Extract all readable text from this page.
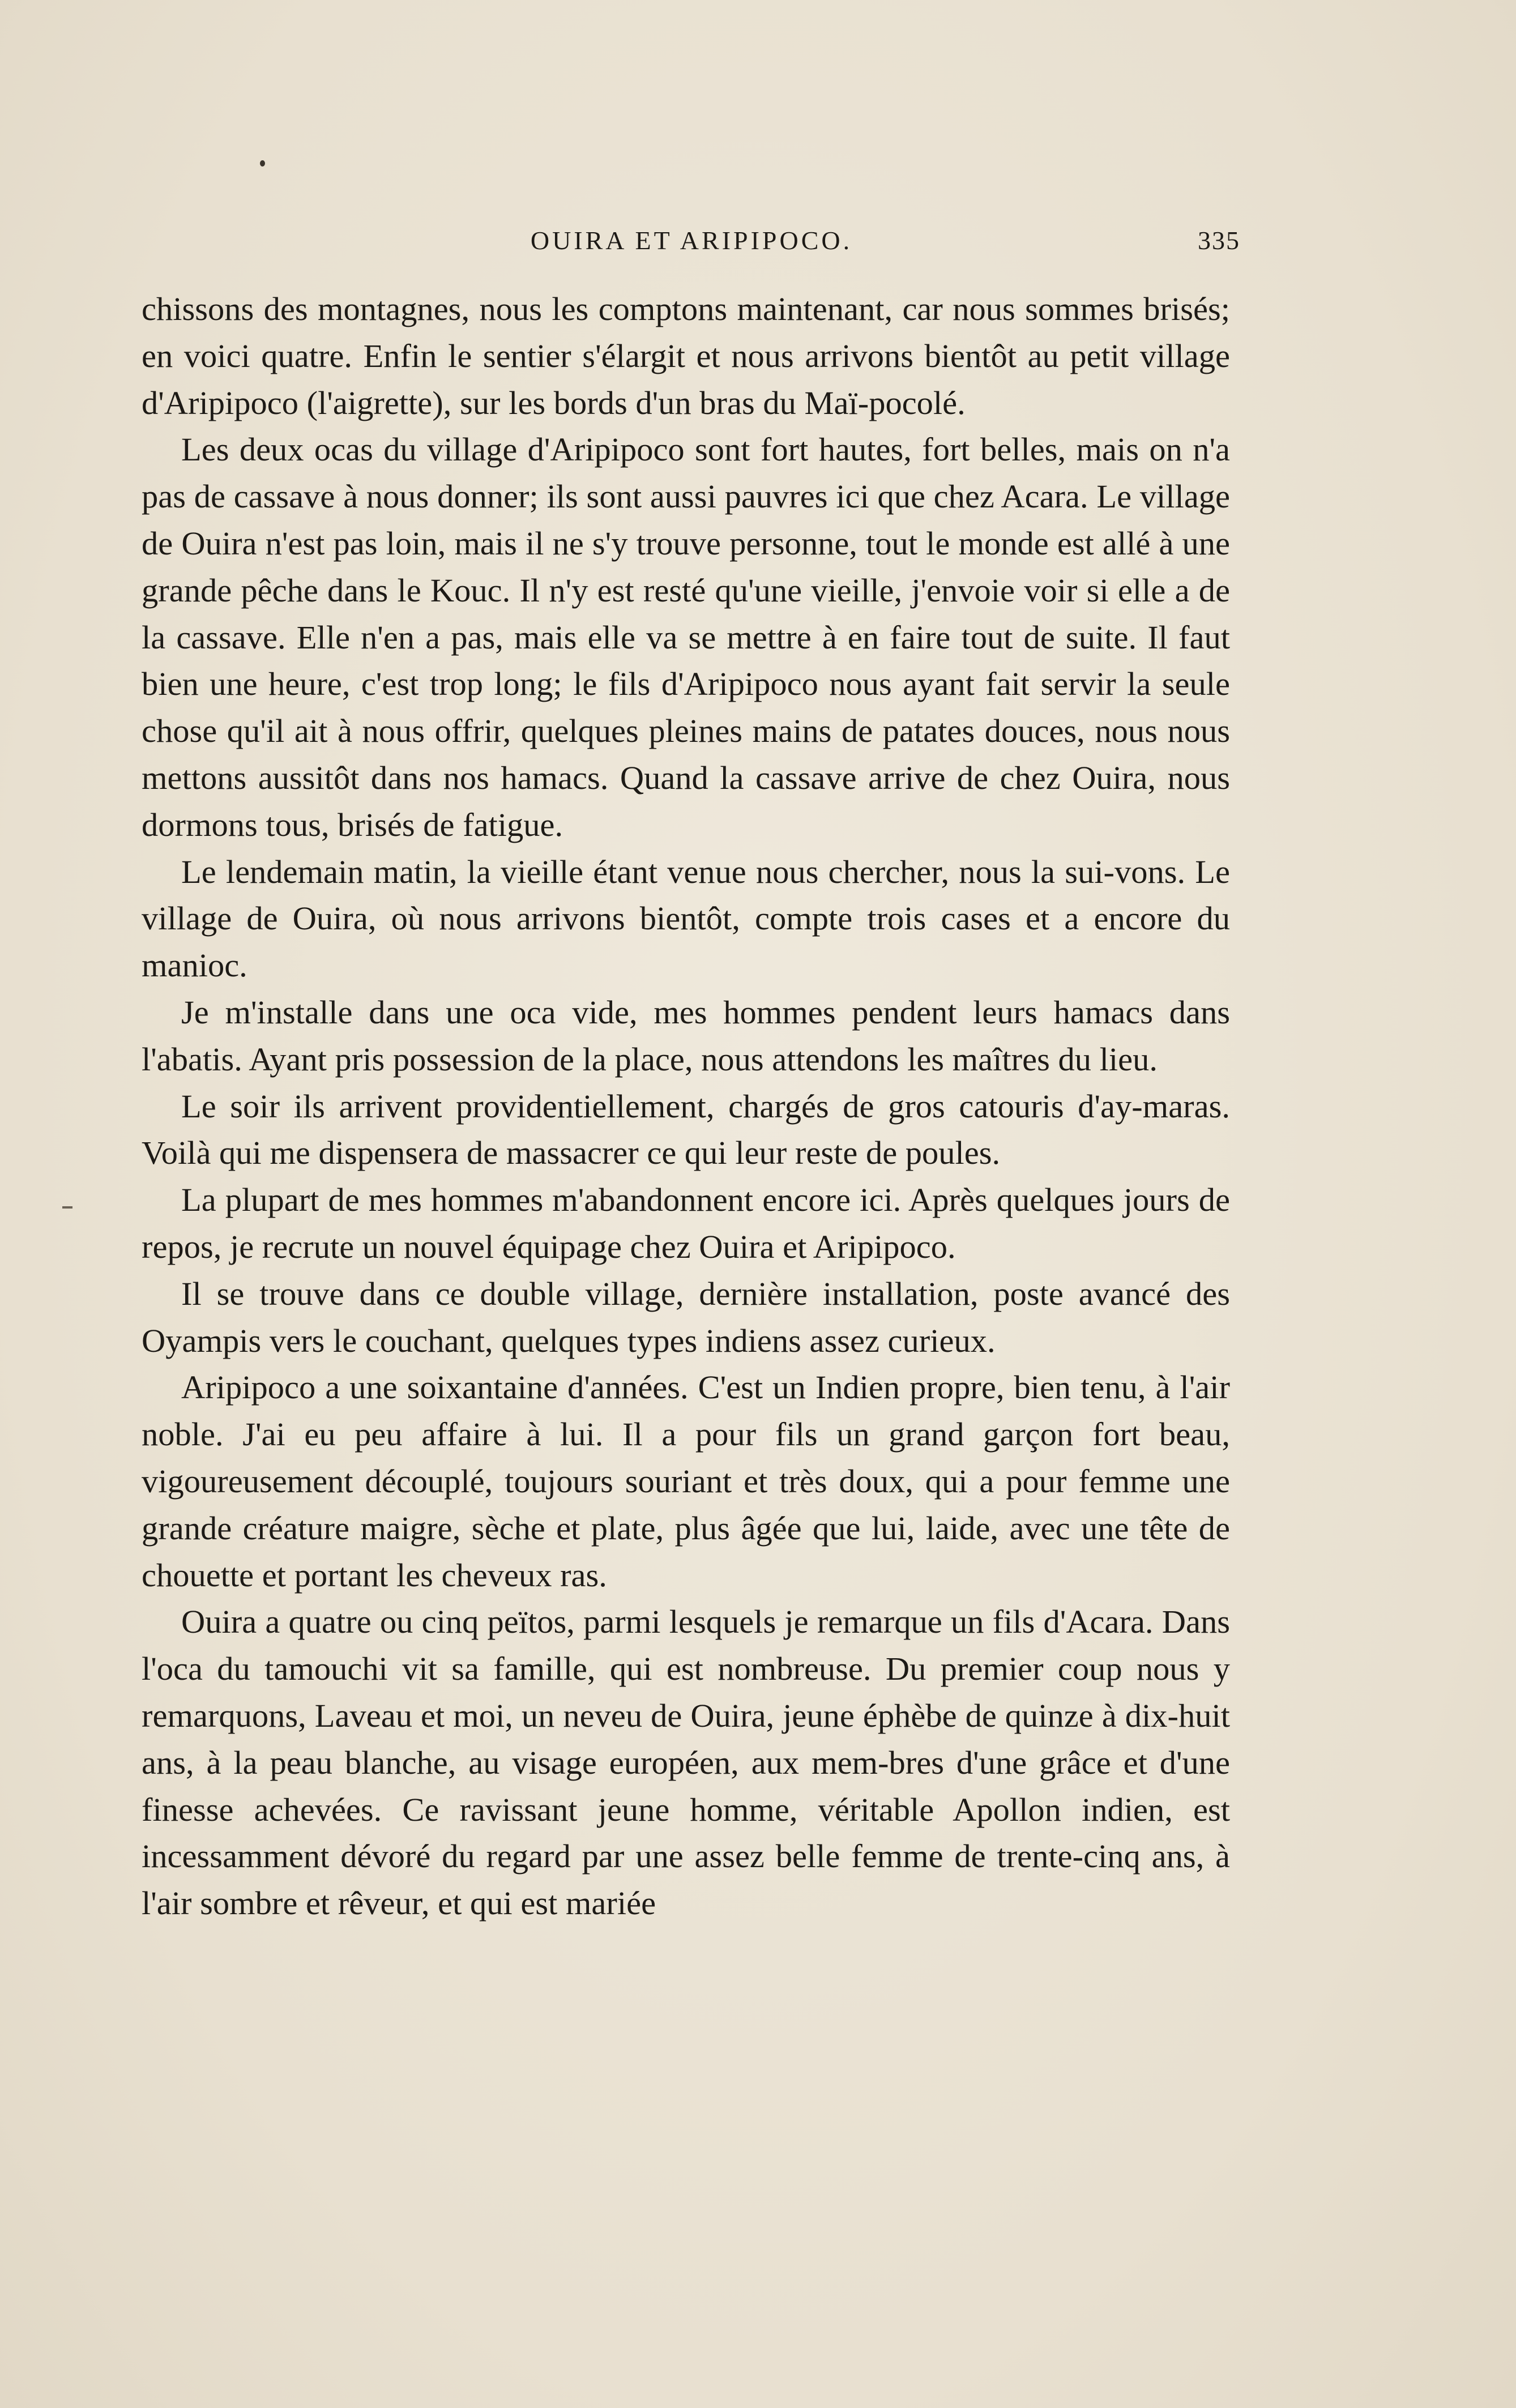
OUIRA ET ARIPIPOCO.	335

chissons des montagnes, nous les comptons maintenant, car nous sommes brisés; en voici quatre. Enfin le sentier s'élargit et nous arrivons bientôt au petit village d'Aripipoco (l'aigrette), sur les bords d'un bras du Maï-pocolé.

Les deux ocas du village d'Aripipoco sont fort hautes, fort belles, mais on n'a pas de cassave à nous donner; ils sont aussi pauvres ici que chez Acara. Le village de Ouira n'est pas loin, mais il ne s'y trouve personne, tout le monde est allé à une grande pêche dans le Kouc. Il n'y est resté qu'une vieille, j'envoie voir si elle a de la cassave. Elle n'en a pas, mais elle va se mettre à en faire tout de suite. Il faut bien une heure, c'est trop long; le fils d'Aripipoco nous ayant fait servir la seule chose qu'il ait à nous offrir, quelques pleines mains de patates douces, nous nous mettons aussitôt dans nos hamacs. Quand la cassave arrive de chez Ouira, nous dormons tous, brisés de fatigue.

Le lendemain matin, la vieille étant venue nous chercher, nous la sui-vons. Le village de Ouira, où nous arrivons bientôt, compte trois cases et a encore du manioc.

Je m'installe dans une oca vide, mes hommes pendent leurs hamacs dans l'abatis. Ayant pris possession de la place, nous attendons les maîtres du lieu.

Le soir ils arrivent providentiellement, chargés de gros catouris d'ay-maras. Voilà qui me dispensera de massacrer ce qui leur reste de poules.

La plupart de mes hommes m'abandonnent encore ici. Après quelques jours de repos, je recrute un nouvel équipage chez Ouira et Aripipoco.

Il se trouve dans ce double village, dernière installation, poste avancé des Oyampis vers le couchant, quelques types indiens assez curieux.

Aripipoco a une soixantaine d'années. C'est un Indien propre, bien tenu, à l'air noble. J'ai eu peu affaire à lui. Il a pour fils un grand garçon fort beau, vigoureusement découplé, toujours souriant et très doux, qui a pour femme une grande créature maigre, sèche et plate, plus âgée que lui, laide, avec une tête de chouette et portant les cheveux ras.

Ouira a quatre ou cinq peïtos, parmi lesquels je remarque un fils d'Acara. Dans l'oca du tamouchi vit sa famille, qui est nombreuse. Du premier coup nous y remarquons, Laveau et moi, un neveu de Ouira, jeune éphèbe de quinze à dix-huit ans, à la peau blanche, au visage européen, aux mem-bres d'une grâce et d'une finesse achevées. Ce ravissant jeune homme, véritable Apollon indien, est incessamment dévoré du regard par une assez belle femme de trente-cinq ans, à l'air sombre et rêveur, et qui est mariée
